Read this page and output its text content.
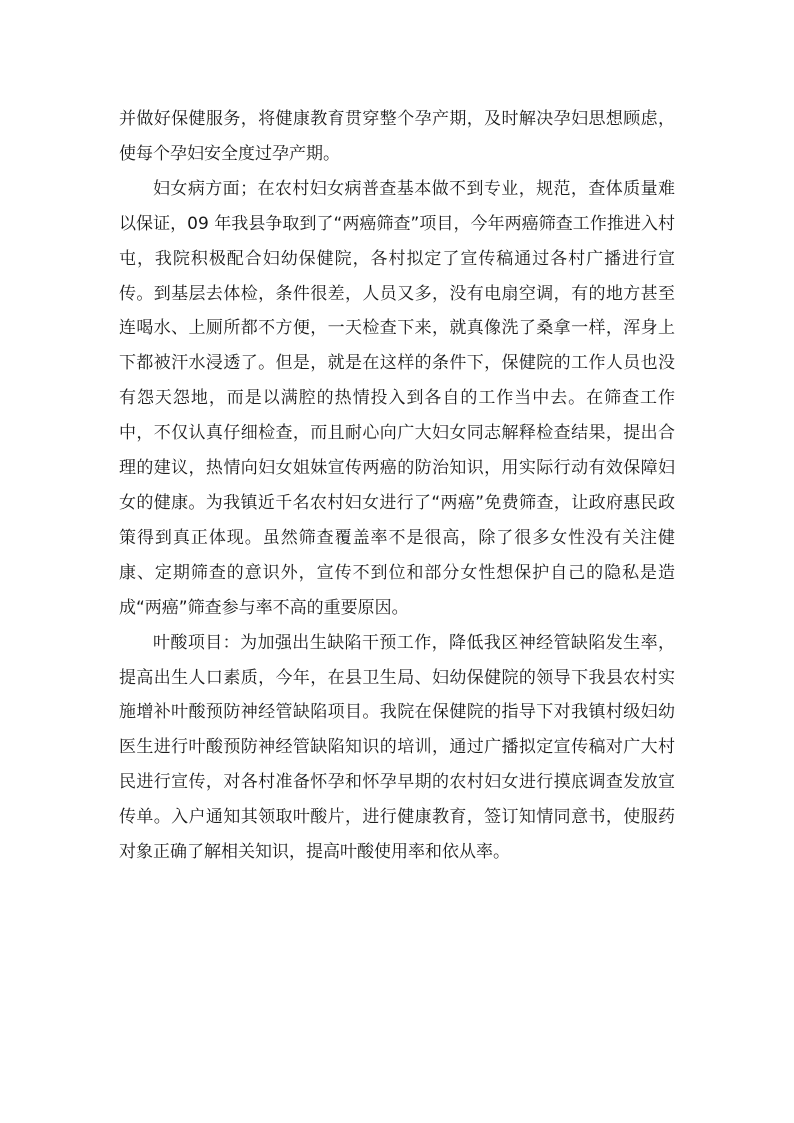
并做好保健服务，将健康教育贯穿整个孕产期，及时解决孕妇思想顾虑，使每个孕妇安全度过孕产期。

妇女病方面；在农村妇女病普查基本做不到专业，规范，查体质量难以保证，09 年我县争取到了“两癌筛查”项目，今年两癌筛查工作推进入村屯，我院积极配合妇幼保健院，各村拟定了宣传稿通过各村广播进行宣传。到基层去体检，条件很差，人员又多，没有电扇空调，有的地方甚至连喝水、上厕所都不方便，一天检查下来，就真像洗了桑拿一样，浑身上下都被汗水浸透了。但是，就是在这样的条件下，保健院的工作人员也没有怨天怨地，而是以满腔的热情投入到各自的工作当中去。在筛查工作中，不仅认真仔细检查，而且耐心向广大妇女同志解释检查结果，提出合理的建议，热情向妇女姐妹宣传两癌的防治知识，用实际行动有效保障妇女的健康。为我镇近千名农村妇女进行了“两癌”免费筛查，让政府惠民政策得到真正体现。虽然筛查覆盖率不是很高，除了很多女性没有关注健康、定期筛查的意识外，宣传不到位和部分女性想保护自己的隐私是造成“两癌”筛查参与率不高的重要原因。

叶酸项目：为加强出生缺陷干预工作，降低我区神经管缺陷发生率，提高出生人口素质，今年，在县卫生局、妇幼保健院的领导下我县农村实施增补叶酸预防神经管缺陷项目。我院在保健院的指导下对我镇村级妇幼医生进行叶酸预防神经管缺陷知识的培训，通过广播拟定宣传稿对广大村民进行宣传，对各村准备怀孕和怀孕早期的农村妇女进行摸底调查发放宣传单。入户通知其领取叶酸片，进行健康教育，签订知情同意书，使服药对象正确了解相关知识，提高叶酸使用率和依从率。
